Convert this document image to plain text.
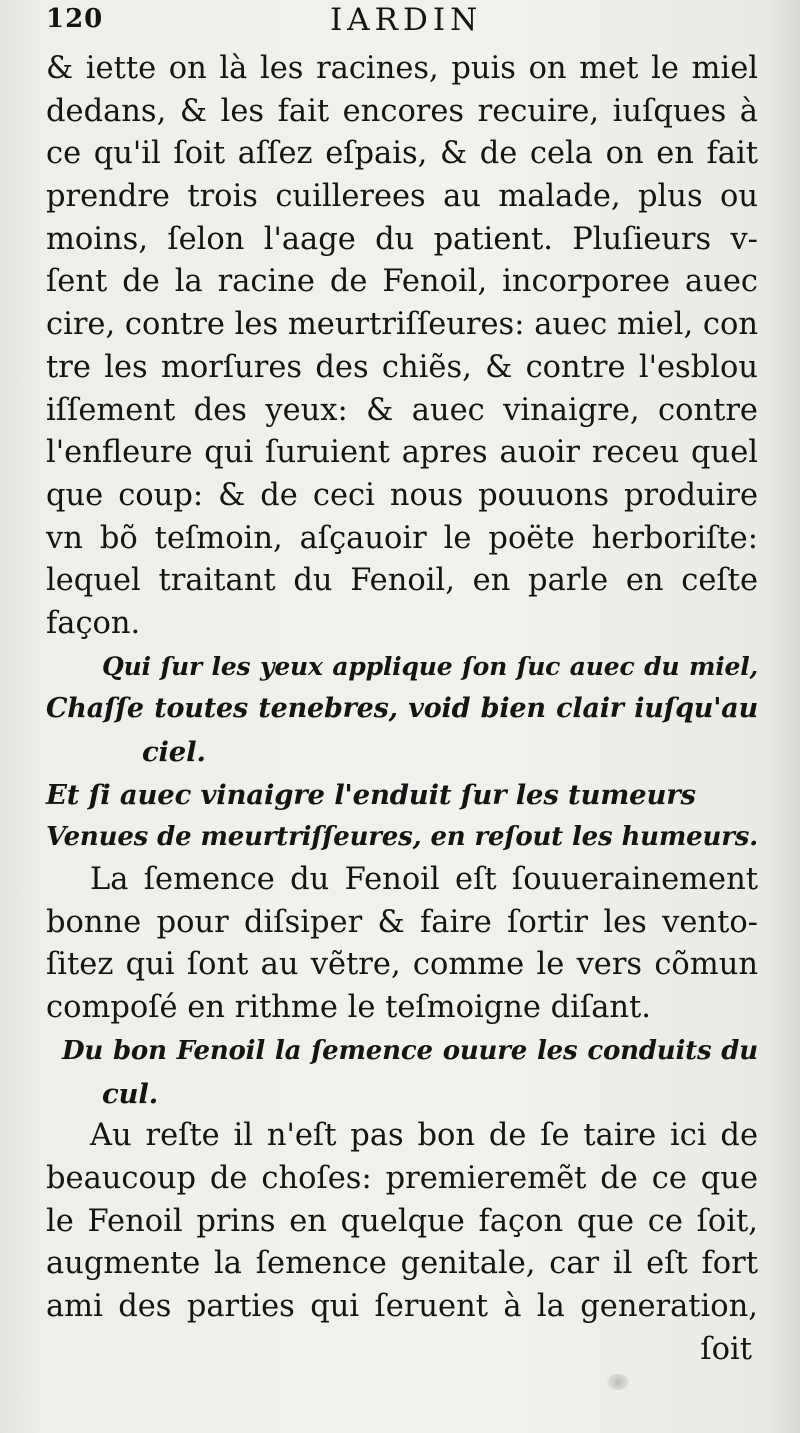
120	IARDIN
& iette on là les racines, puis on met le miel
dedans, & les fait encores recuire, iuſques à
ce qu'il ſoit aſſez eſpais, & de cela on en fait
prendre trois cuillerees au malade, plus ou
moins, ſelon l'aage du patient. Pluſieurs v-
ſent de la racine de Fenoil, incorporee auec
cire, contre les meurtriſſeures: auec miel, con
tre les morſures des chiẽs, & contre l'esblou
iſſement des yeux: & auec vinaigre, contre
l'enfleure qui ſuruient apres auoir receu quel
que coup: & de ceci nous pouuons produire
vn bõ teſmoin, aſçauoir le poëte herboriſte:
lequel traitant du Fenoil, en parle en ceſte
façon.
Qui ſur les yeux applique ſon ſuc auec du miel,
Chaſſe toutes tenebres, void bien clair iuſqu'au
ciel.
Et ſi auec vinaigre l'enduit ſur les tumeurs
Venues de meurtriſſeures, en reſout les humeurs.
La ſemence du Fenoil eſt ſouuerainement
bonne pour diſsiper & faire ſortir les vento-
ſitez qui ſont au vẽtre, comme le vers cõmun
compoſé en rithme le teſmoigne diſant.
Du bon Fenoil la ſemence ouure les conduits du
cul.
Au reſte il n'eſt pas bon de ſe taire ici de
beaucoup de choſes: premieremẽt de ce que
le Fenoil prins en quelque façon que ce ſoit,
augmente la ſemence genitale, car il eſt fort
ami des parties qui ſeruent à la generation,
ſoit
